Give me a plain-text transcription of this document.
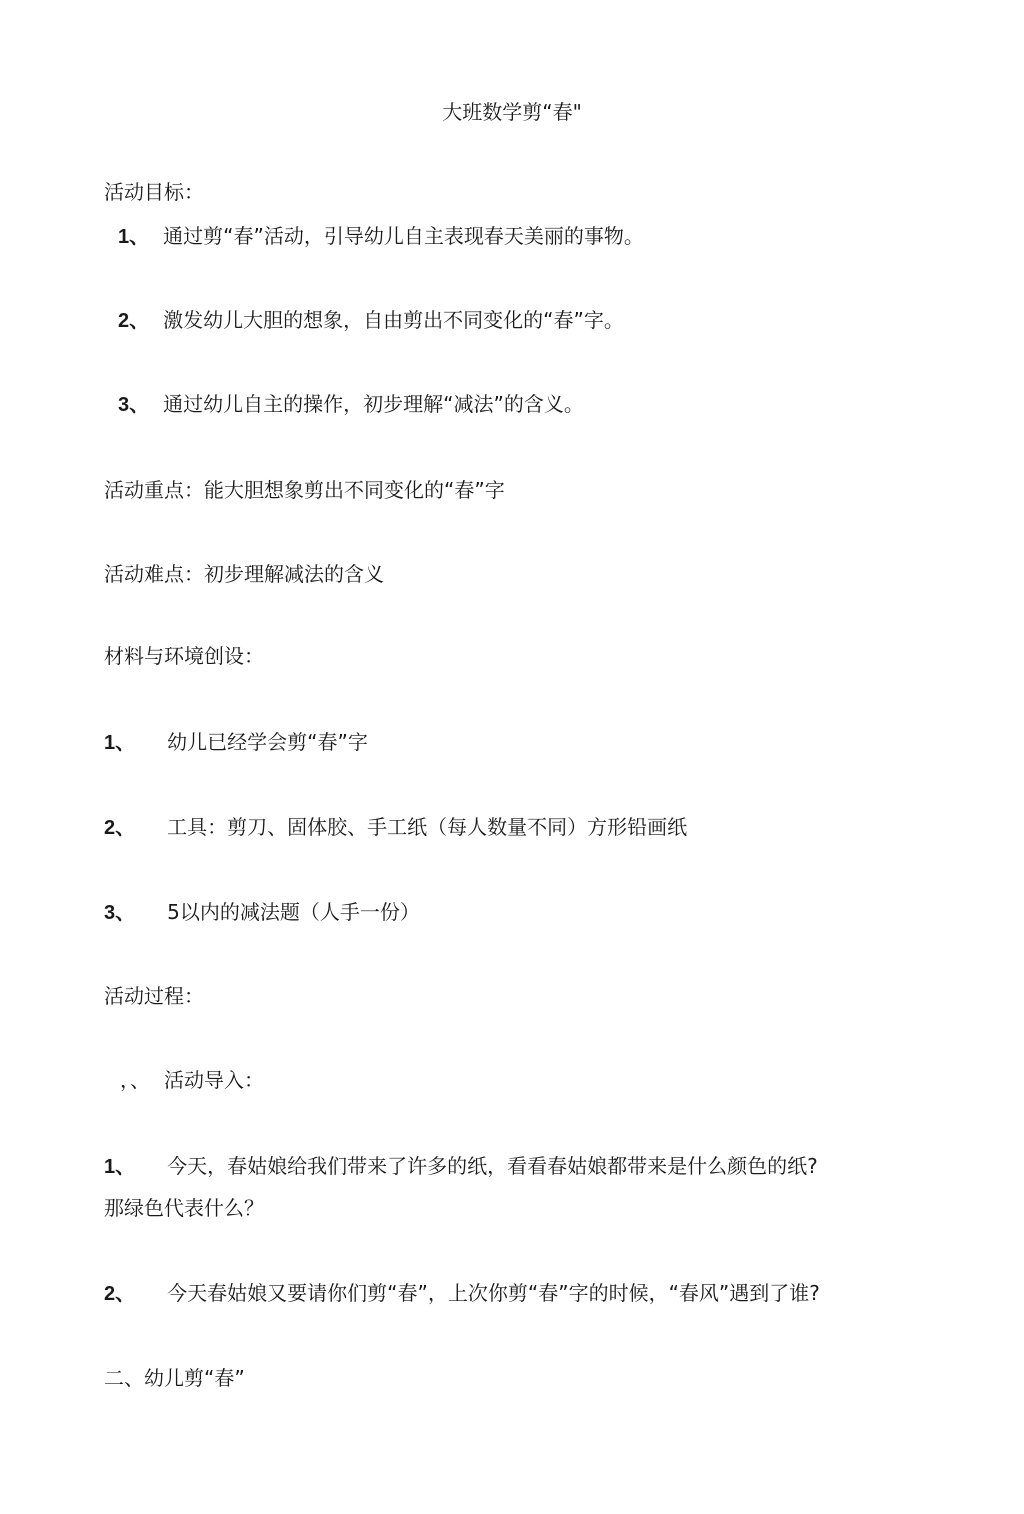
大班数学剪“春"
活动目标：
1、 通过剪“春”活动，引导幼儿自主表现春天美丽的事物。
2、 激发幼儿大胆的想象，自由剪出不同变化的“春”字。
3、 通过幼儿自主的操作，初步理解“减法”的含义。
活动重点：能大胆想象剪出不同变化的“春”字
活动难点：初步理解减法的含义
材料与环境创设：
1、 幼儿已经学会剪“春”字
2、 工具：剪刀、固体胶、手工纸（每人数量不同）方形铅画纸
3、 5以内的减法题（人手一份）
活动过程：
，、 活动导入：
1、 今天，春姑娘给我们带来了许多的纸，看看春姑娘都带来是什么颜色的纸?
那绿色代表什么？
2、 今天春姑娘又要请你们剪“春”，上次你剪“春”字的时候，“春风”遇到了谁?
二、幼儿剪“春”
